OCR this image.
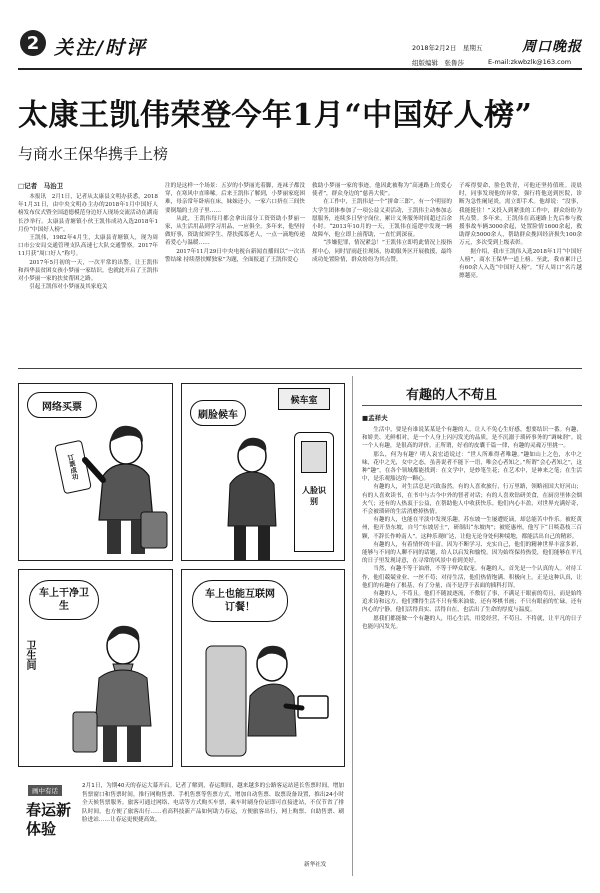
2 关注/时评	2018年2月2日　星期五	周口晚报
组版编辑　张鲁莎	E-mail:zkwbzlk@163.com
太康王凯伟荣登今年1月“中国好人榜”
与商水王保华携手上榜
□记者　马治卫

本报讯　2月1日，记者从太康县文明办获悉，2018年1月31日，由中央文明办主办的2018年1月中国好人榜发布仪式暨全国道德模范身边好人现场交流活动在湖南长沙举行。太康县青塘镇小伙王凯伟成功入选2018年1月份“中国好人榜”。

王凯伟，1982年4月生，太康县青塘镇人，现为周口市公安局交通管理支队高速七大队交通警察。2017年11月获“周口好人”称号。

2017年5月初的一天，一次平常的出警，让王凯伟和西华县贫困女孩小梦丽一家结识。也就此开启了王凯伟对小梦丽一家的扶贫帮困之路。

引起王凯伟对小梦丽及其家庭关

注的是这样一个场景：五岁的小梦丽光着脚，连袜子都没穿，在寒风中直哆嗦。后来王凯伟了解到，小梦丽家庭困难，母亲常年卧病在床，妹妹还小，一家六口挤在三间快要倒塌的土房子里……

从此，王凯伟每月都会拿出部分工资资助小梦丽一家，从生活用品到学习用品，一应俱全。多年来，他坚持做好事，资助贫困学生、帮扶孤寡老人，一点一滴地传递着爱心与温暖……

2017年11月29日中央电视台新闻直播间以“一次出警结缘 持续帮扶鳏独家”为题，全面报道了王凯伟爱心

救助小梦丽一家的事迹。他因此被称为“高速路上的爱心使者”，群众身边的“慈善大使”。

在工作中，王凯伟是一个“拼命三郎”。有一个明显的大学生团体参加了一项公益义卖活动，王凯伟主动参加志愿服务，连续多日坚守岗位，累计义务服务时间超过百余小时。“2013年10月的一天，王凯伟在巡逻中发现一辆故障车，他立即上前帮助，一直忙到深夜。

“涉嫌犯罪，情况紧急！”王凯伟立即将此情况上报指挥中心，同时冒雨赶往现场，协助服务区开展救援，最终成功处置险情，群众纷纷为其点赞。

子疼得要命，脸色铁青，可他还坚持值班。凌晨时，同事发现他的异常，强行将他送到医院，诊断为急性阑尾炎，需立即手术。他却说：“没事，我能挺住！”又投入到紧张的工作中，群众纷纷为其点赞。多年来，王凯伟在高速路上先后参与救援事故车辆3000余起，处置险情1600余起，救助群众5000余人，帮助群众挽回经济损失100余万元，多次受到上级表彰。

据介绍，我市王凯伟入选2018年1月“中国好人榜”，商水王保华一道上榜。至此，我市累计已有60余人入选“中国好人榜”，“好人周口”名片越擦越亮。

网络买票
订票成功
刷脸候车
候车室
人脸识别
车上干净卫生
卫生间
车上也能互联网订餐！
画中有话
春运新体验
2月1日，为期40天的春运大幕开启。记者了解到，春运期间，越来越多的公路客运站延长售票时间，增加售票窗口和售票时间，推行网购售票、手机售票等售票方式，增加自动售票、取票设备设置，推出24小时全天候售票服务。旅客可通过网络、电话等方式购买车票，乘车时刷身份证即可直接进站，不仅节省了排队时间，也方便了旅客出行……看高科技新产品如何助力春运，方便旅客出行，网上购票、自助售票、刷脸进站……让春运更便捷高效。
新华社发
有趣的人不苟且
■孟祥夫

生活中，要是有谁说某某是个有趣的人，让人不免心生好感，想要结识一番。有趣，和娇美、光鲜相对，是一个人身上闪闪发光的品质，是不沉溺于琐碎事务的“调味剂”。说一个人有趣，是很高的评价。正所谓，好看的皮囊千篇一律，有趣的灵魂万里挑一。

那么，何为有趣？明人袁宏道说过：“世人所难得者唯趣。”趣如山上之色，水中之味，花中之光，女中之态，虽善说者不能下一语，唯会心者知之。”所谓“会心者知之”，这种“趣”，在各个领域都能找到：在文学中，是妙笔生花；在艺术中，是神来之笔；在生活中，是乐观豁达的一颗心。

有趣的人，对生活总是兴致盎然。有的人喜欢旅行，行万里路，领略祖国大好河山；有的人喜欢读书，在书中与古今中外的智者对话；有的人喜欢钻研美食，在厨房里体会烟火气；还有的人热衷于公益，在帮助他人中收获快乐。他们内心丰盈，对世界充满好奇，不会被琐碎的生活消磨掉热情。

有趣的人，也能在平淡中发现乐趣。苏东坡一生屡遭贬谪，却总能苦中作乐。被贬黄州，他开垦东坡，自号“东坡居士”，研制出“东坡肉”；被贬惠州，他写下“日啖荔枝三百颗，不辞长作岭南人”。这种乐观旷达，让他无论身处何种境地，都能活出自己的精彩。

有趣的人，有着情怀的丰富。因为不断学习、充实自己，他们的精神世界丰富多彩，能够与不同的人聊不同的话题，给人以启发和愉悦。因为始终保持热爱，他们能够在平凡的日子里发现诗意，在寻常的风景中看到美好。

当然，有趣不等于油滑，不等于哗众取宠。有趣的人，首先是一个认真的人。对待工作，他们兢兢业业、一丝不苟；对待生活，他们热情饱满、积极向上。正是这种认真，让他们的有趣有了根基，有了分量，而不是浮于表面的插科打诨。

有趣的人，不苟且。他们不随波逐流，不敷衍了事，不满足于眼前的苟且，而是始终追求诗和远方。他们懂得生活不只有柴米油盐，还有琴棋书画；不只有眼前的忙碌，还有内心的宁静。他们活得真实、活得自在，也活出了生命的厚度与温度。

愿我们都能做一个有趣的人，用心生活，用爱经营，不苟且、不将就，让平凡的日子也能闪闪发光。
